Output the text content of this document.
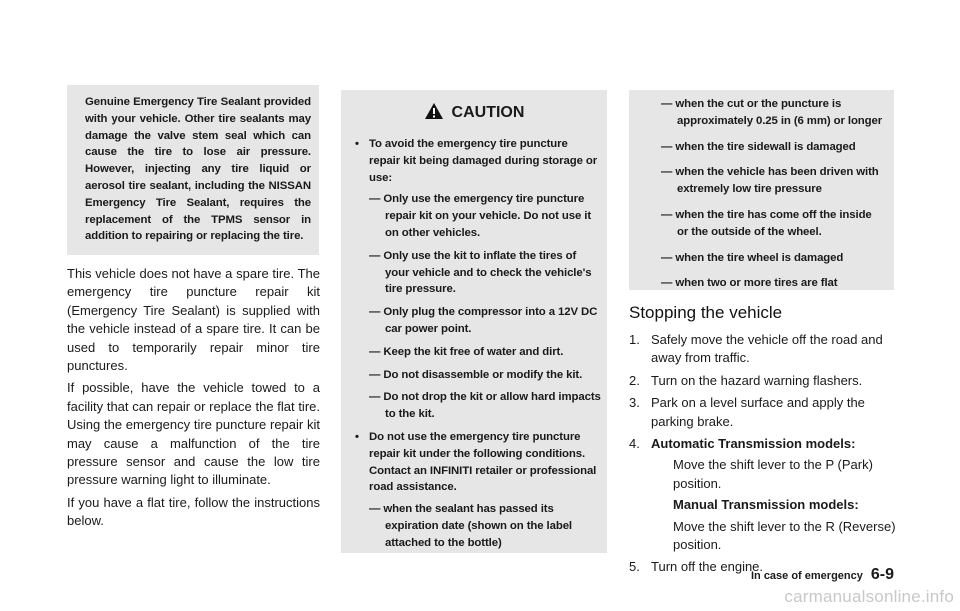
Genuine Emergency Tire Sealant provided with your vehicle. Other tire sealants may damage the valve stem seal which can cause the tire to lose air pressure. However, injecting any tire liquid or aerosol tire sealant, including the NISSAN Emergency Tire Sealant, requires the replacement of the TPMS sensor in addition to repairing or replacing the tire.

This vehicle does not have a spare tire. The emergency tire puncture repair kit (Emergency Tire Sealant) is supplied with the vehicle instead of a spare tire. It can be used to temporarily repair minor tire punctures.

If possible, have the vehicle towed to a facility that can repair or replace the flat tire. Using the emergency tire puncture repair kit may cause a malfunction of the tire pressure sensor and cause the low tire pressure warning light to illuminate.

If you have a flat tire, follow the instructions below.

CAUTION
• To avoid the emergency tire puncture repair kit being damaged during storage or use:
— Only use the emergency tire puncture repair kit on your vehicle. Do not use it on other vehicles.
— Only use the kit to inflate the tires of your vehicle and to check the vehicle's tire pressure.
— Only plug the compressor into a 12V DC car power point.
— Keep the kit free of water and dirt.
— Do not disassemble or modify the kit.
— Do not drop the kit or allow hard impacts to the kit.
• Do not use the emergency tire puncture repair kit under the following conditions. Contact an INFINITI retailer or professional road assistance.
— when the sealant has passed its expiration date (shown on the label attached to the bottle)
— when the cut or the puncture is approximately 0.25 in (6 mm) or longer
— when the tire sidewall is damaged
— when the vehicle has been driven with extremely low tire pressure
— when the tire has come off the inside or the outside of the wheel.
— when the tire wheel is damaged
— when two or more tires are flat
Stopping the vehicle
1. Safely move the vehicle off the road and away from traffic.

2. Turn on the hazard warning flashers.

3. Park on a level surface and apply the parking brake.

4. Automatic Transmission models:

Move the shift lever to the P (Park) position.

Manual Transmission models:

Move the shift lever to the R (Reverse) position.

5. Turn off the engine.

In case of emergency 6-9
carmanualsonline.info
